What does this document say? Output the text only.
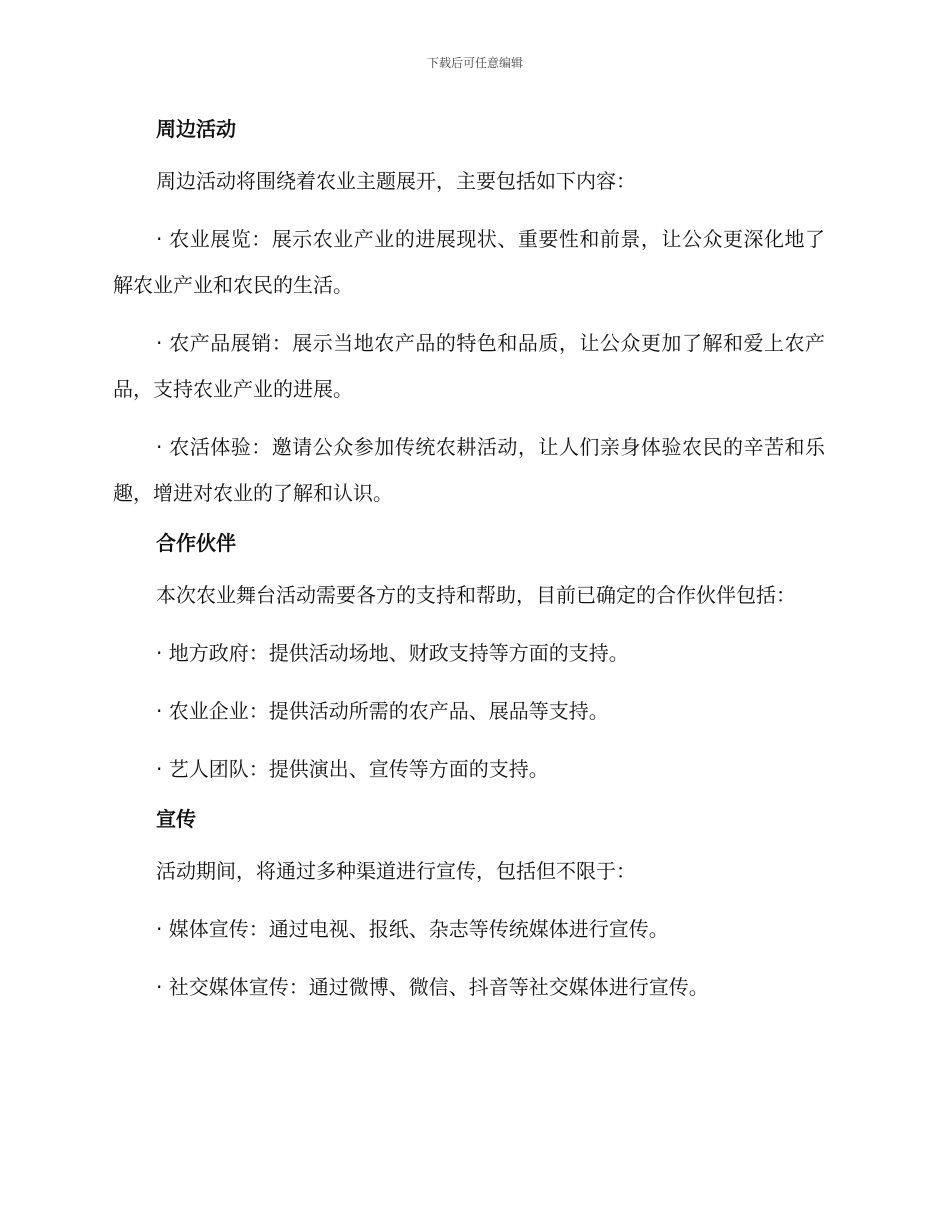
下载后可任意编辑
周边活动

周边活动将围绕着农业主题展开，主要包括如下内容：

· 农业展览：展示农业产业的进展现状、重要性和前景，让公众更深化地了解农业产业和农民的生活。

· 农产品展销：展示当地农产品的特色和品质，让公众更加了解和爱上农产品，支持农业产业的进展。

· 农活体验：邀请公众参加传统农耕活动，让人们亲身体验农民的辛苦和乐趣，增进对农业的了解和认识。

合作伙伴

本次农业舞台活动需要各方的支持和帮助，目前已确定的合作伙伴包括：

· 地方政府：提供活动场地、财政支持等方面的支持。

· 农业企业：提供活动所需的农产品、展品等支持。

· 艺人团队：提供演出、宣传等方面的支持。

宣传

活动期间，将通过多种渠道进行宣传，包括但不限于：

· 媒体宣传：通过电视、报纸、杂志等传统媒体进行宣传。

· 社交媒体宣传：通过微博、微信、抖音等社交媒体进行宣传。
